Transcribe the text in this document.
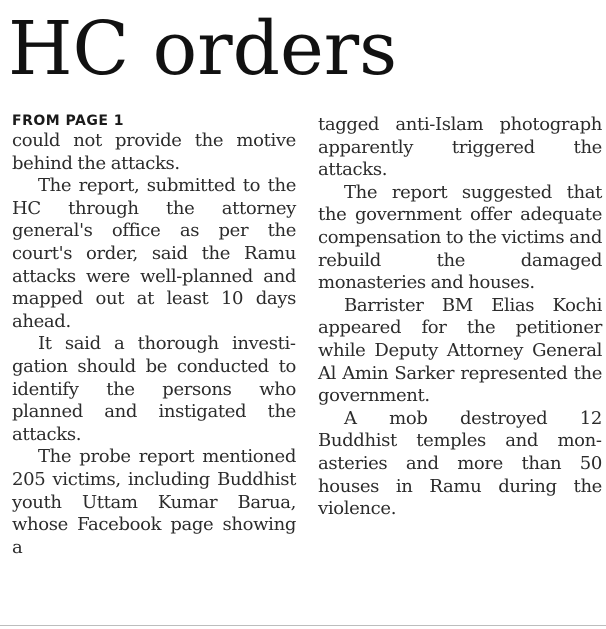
HC orders
FROM PAGE 1

could not provide the motive behind the attacks.

The report, submitted to the HC through the attorney general's office as per the court's order, said the Ramu attacks were well-planned and mapped out at least 10 days ahead.

It said a thorough investigation should be conducted to identify the persons who planned and instigated the attacks.

The probe report mentioned 205 victims, including Buddhist youth Uttam Kumar Barua, whose Facebook page showing a

tagged anti-Islam photograph apparently triggered the attacks.

The report suggested that the government offer adequate compensation to the victims and rebuild the damaged monasteries and houses.

Barrister BM Elias Kochi appeared for the petitioner while Deputy Attorney General Al Amin Sarker represented the government.

A mob destroyed 12 Buddhist temples and monasteries and more than 50 houses in Ramu during the violence.
